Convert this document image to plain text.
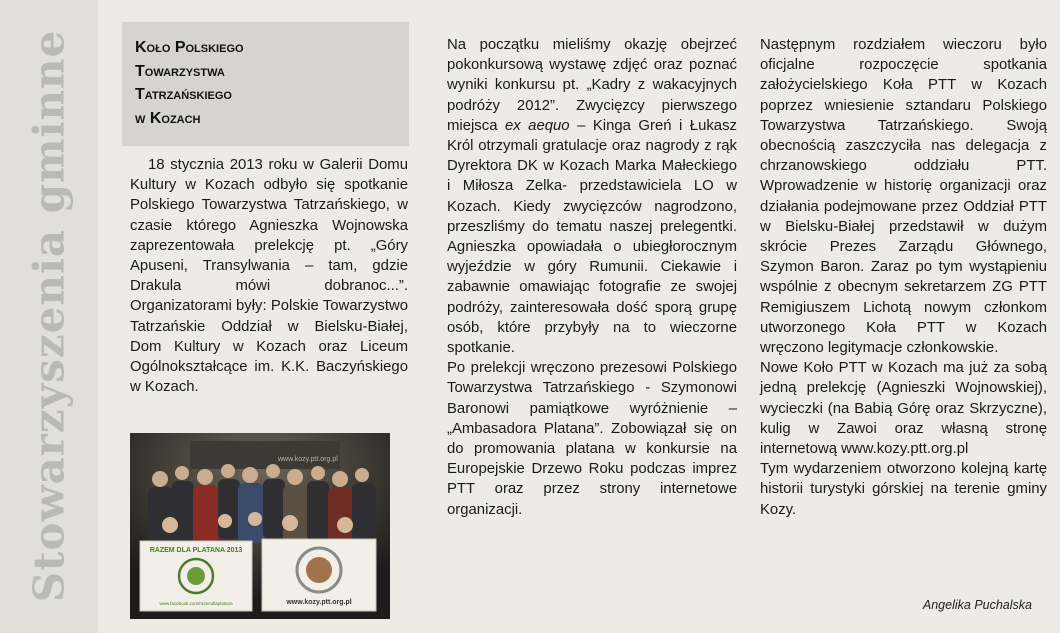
Stowarzyszenia gminne	Koło Polskiego
Towarzystwa
Tatrzańskiego
w Kozach

18 stycznia 2013 roku w Galerii Domu Kultury w Kozach odbyło się spotkanie Polskiego Towarzystwa Tatrzańskiego, w czasie którego Agnieszka Wojnowska zaprezentowała prelekcję pt. „Góry Apuseni, Transylwania – tam, gdzie Drakula mówi dobranoc...”. Organizatorami były: Polskie Towarzystwo Tatrzańskie Oddział w Bielsku-Białej, Dom Kultury w Kozach oraz Liceum Ogólnokształcące im. K.K. Baczyńskiego w Kozach.

www.kozy.ptt.org.pl
RAZEM DLA PLATANA 2013
www.facebook.com/razemdlaplatana	www.kozy.ptt.org.pl

Na początku mieliśmy okazję obejrzeć pokonkursową wystawę zdjęć oraz poznać wyniki konkursu pt. „Kadry z wakacyjnych podróży 2012”. Zwycięzcy pierwszego miejsca ex aequo – Kinga Greń i Łukasz Król otrzymali gratulacje oraz nagrody z rąk Dyrektora DK w Kozach Marka Małeckiego i Miłosza Zelka- przedstawiciela LO w Kozach. Kiedy zwycięzców nagrodzono, przeszliśmy do tematu naszej prelegentki. Agnieszka opowiadała o ubiegłorocznym wyjeździe w góry Rumunii. Ciekawie i zabawnie omawiając fotografie ze swojej podróży, zainteresowała dość sporą grupę osób, które przybyły na to wieczorne spotkanie.

Po prelekcji wręczono prezesowi Polskiego Towarzystwa Tatrzańskiego - Szymonowi Baronowi pamiątkowe wyróżnienie – „Ambasadora Platana”. Zobowiązał się on do promowania platana w konkursie na Europejskie Drzewo Roku podczas imprez PTT oraz przez strony internetowe organizacji.

Następnym rozdziałem wieczoru było oficjalne rozpoczęcie spotkania założycielskiego Koła PTT w Kozach poprzez wniesienie sztandaru Polskiego Towarzystwa Tatrzańskiego. Swoją obecnością zaszczyciła nas delegacja z chrzanowskiego oddziału PTT. Wprowadzenie w historię organizacji oraz działania podejmowane przez Oddział PTT w Bielsku-Białej przedstawił w dużym skrócie Prezes Zarządu Głównego, Szymon Baron. Zaraz po tym wystąpieniu wspólnie z obecnym sekretarzem ZG PTT Remigiuszem Lichotą nowym członkom utworzonego Koła PTT w Kozach wręczono legitymacje członkowskie.

Nowe Koło PTT w Kozach ma już za sobą jedną prelekcję (Agnieszki Wojnowskiej), wycieczki (na Babią Górę oraz Skrzyczne), kulig w Zawoi oraz własną stronę internetową www.kozy.ptt.org.pl

Tym wydarzeniem otworzono kolejną kartę historii turystyki górskiej na terenie gminy Kozy.

Angelika Puchalska
